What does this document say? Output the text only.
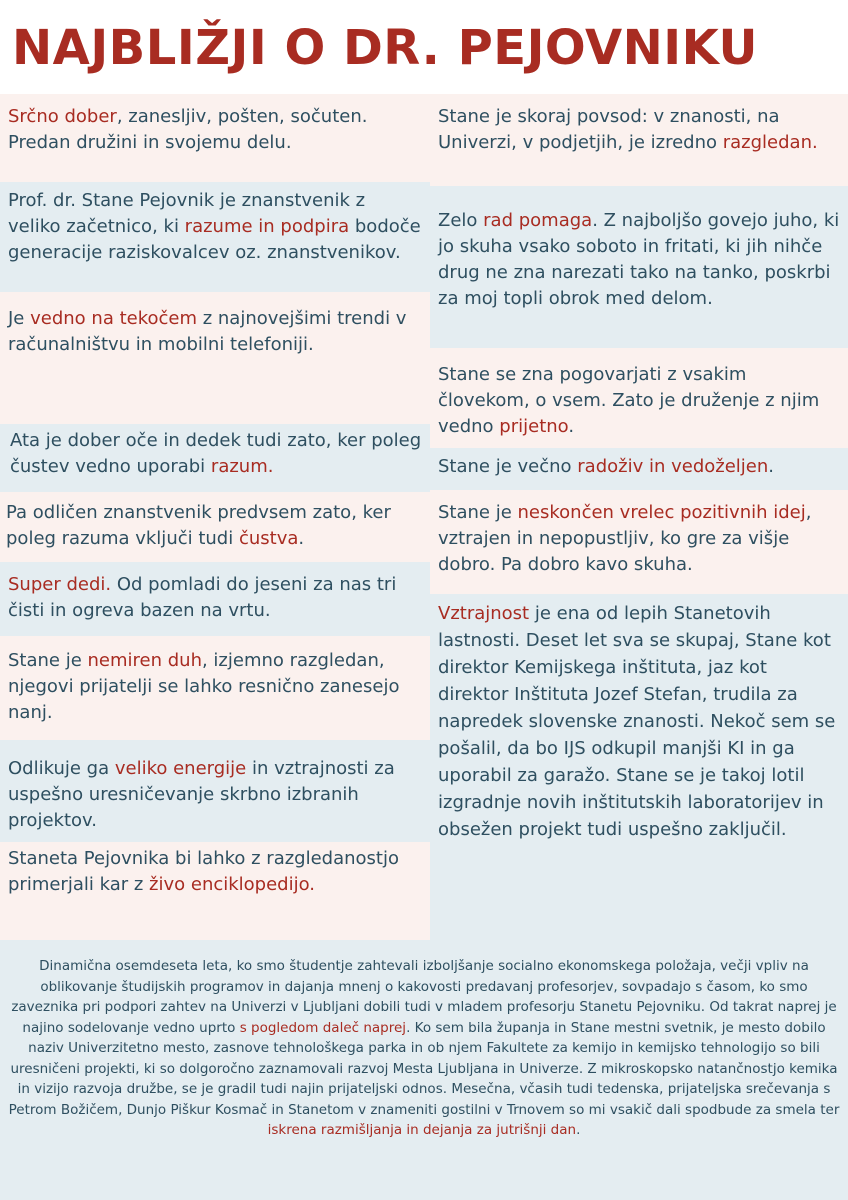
NAJBLIŽJI O DR. PEJOVNIKU
Srčno dober, zanesljiv, pošten, sočuten. Predan družini in svojemu delu.
Prof. dr. Stane Pejovnik je znanstvenik z veliko začetnico, ki razume in podpira bodoče generacije raziskovalcev oz. znanstvenikov.
Je vedno na tekočem z najnovejšimi trendi v računalništvu in mobilni telefoniji.
Ata je dober oče in dedek tudi zato, ker poleg čustev vedno uporabi razum.
Pa odličen znanstvenik predvsem zato, ker poleg razuma vključi tudi čustva.
Super dedi. Od pomladi do jeseni za nas tri čisti in ogreva bazen na vrtu.
Stane je nemiren duh, izjemno razgledan, njegovi prijatelji se lahko resnično zanesejo nanj.
Odlikuje ga veliko energije in vztrajnosti za uspešno uresničevanje skrbno izbranih projektov.
Staneta Pejovnika bi lahko z razgledanostjo primerjali kar z živo enciklopedijo.
Stane je skoraj povsod: v znanosti, na Univerzi, v podjetjih, je izredno razgledan.
Zelo rad pomaga. Z najboljšo govejo juho, ki jo skuha vsako soboto in fritati, ki jih nihče drug ne zna narezati tako na tanko, poskrbi za moj topli obrok med delom.
Stane se zna pogovarjati z vsakim človekom, o vsem. Zato je druženje z njim vedno prijetno.
Stane je večno radoživ in vedoželjen.
Stane je neskončen vrelec pozitivnih idej, vztrajen in nepopustljiv, ko gre za višje dobro. Pa dobro kavo skuha.
Vztrajnost je ena od lepih Stanetovih lastnosti. Deset let sva se skupaj, Stane kot direktor Kemijskega inštituta, jaz kot direktor Inštituta Jozef Stefan, trudila za napredek slovenske znanosti. Nekoč sem se pošalil, da bo IJS odkupil manjši KI in ga uporabil za garažo. Stane se je takoj lotil izgradnje novih inštitutskih laboratorijev in obsežen projekt tudi uspešno zaključil.
Dinamična osemdeseta leta, ko smo študentje zahtevali izboljšanje socialno ekonomskega položaja, večji vpliv na oblikovanje študijskih programov in dajanja mnenj o kakovosti predavanj profesorjev, sovpadajo s časom, ko smo zaveznika pri podpori zahtev na Univerzi v Ljubljani dobili tudi v mladem profesorju Stanetu Pejovniku. Od takrat naprej je najino sodelovanje vedno uprto s pogledom daleč naprej. Ko sem bila županja in Stane mestni svetnik, je mesto dobilo naziv Univerzitetno mesto, zasnove tehnološkega parka in ob njem Fakultete za kemijo in kemijsko tehnologijo so bili uresničeni projekti, ki so dolgoročno zaznamovali razvoj Mesta Ljubljana in Univerze. Z mikroskopsko natančnostjo kemika in vizijo razvoja družbe, se je gradil tudi najin prijateljski odnos. Mesečna, včasih tudi tedenska, prijateljska srečevanja s Petrom Božičem, Dunjo Piškur Kosmač in Stanetom v znameniti gostilni v Trnovem so mi vsakič dali spodbude za smela ter iskrena razmišljanja in dejanja za jutrišnji dan.
